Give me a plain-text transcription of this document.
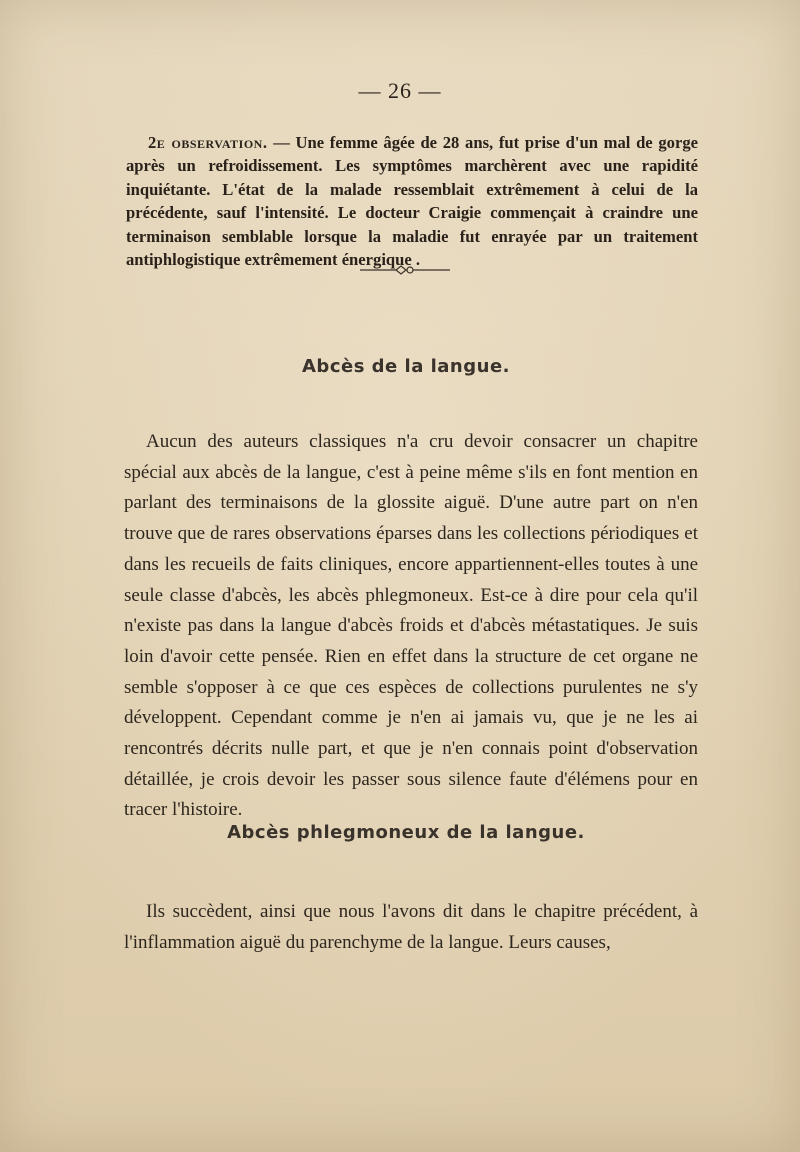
— 26 —

2e observation. — Une femme âgée de 28 ans, fut prise d'un mal de gorge après un refroidissement. Les symptômes marchèrent avec une rapidité inquiétante. L'état de la malade ressemblait extrêmement à celui de la précédente, sauf l'intensité. Le docteur Craigie commençait à craindre une terminaison semblable lorsque la maladie fut enrayée par un traitement antiphlogistique extrêmement énergique .

Abcès de la langue.

Aucun des auteurs classiques n'a cru devoir consacrer un chapitre spécial aux abcès de la langue, c'est à peine même s'ils en font mention en parlant des terminaisons de la glossite aiguë. D'une autre part on n'en trouve que de rares observations éparses dans les collections périodiques et dans les recueils de faits cliniques, encore appartiennent-elles toutes à une seule classe d'abcès, les abcès phlegmoneux. Est-ce à dire pour cela qu'il n'existe pas dans la langue d'abcès froids et d'abcès métastatiques. Je suis loin d'avoir cette pensée. Rien en effet dans la structure de cet organe ne semble s'opposer à ce que ces espèces de collections purulentes ne s'y développent. Cependant comme je n'en ai jamais vu, que je ne les ai rencontrés décrits nulle part, et que je n'en connais point d'observation détaillée, je crois devoir les passer sous silence faute d'élémens pour en tracer l'histoire.

Abcès phlegmoneux de la langue.

Ils succèdent, ainsi que nous l'avons dit dans le chapitre précédent, à l'inflammation aiguë du parenchyme de la langue. Leurs causes,
